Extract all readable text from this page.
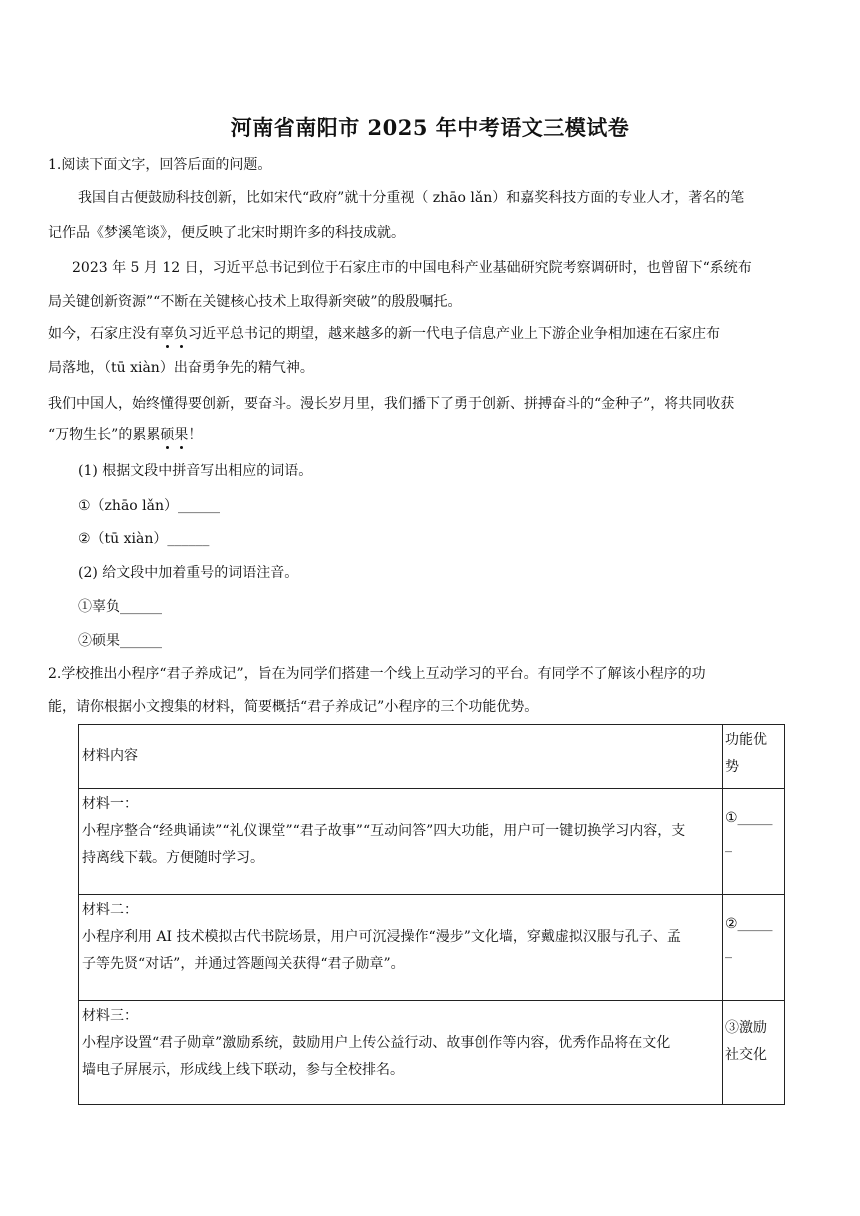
河南省南阳市 2025 年中考语文三模试卷
1.阅读下面文字，回答后面的问题。
我国自古便鼓励科技创新，比如宋代“政府”就十分重视（ zhāo lǎn）和嘉奖科技方面的专业人才，著名的笔
记作品《梦溪笔谈》，便反映了北宋时期许多的科技成就。
2023 年 5 月 12 日，习近平总书记到位于石家庄市的中国电科产业基础研究院考察调研时，也曾留下“系统布
局关键创新资源”“不断在关键核心技术上取得新突破”的殷殷嘱托。
如今，石家庄没有辜负习近平总书记的期望，越来越多的新一代电子信息产业上下游企业争相加速在石家庄布
局落地，（tū xiàn）出奋勇争先的精气神。
我们中国人，始终懂得要创新，要奋斗。漫长岁月里，我们播下了勇于创新、拼搏奋斗的“金种子”，将共同收获
“万物生长”的累累硕果！
(1) 根据文段中拼音写出相应的词语。
①（zhāo lǎn）______
②（tū xiàn）______
(2) 给文段中加着重号的词语注音。
①辜负______
②硕果______
2.学校推出小程序“君子养成记”，旨在为同学们搭建一个线上互动学习的平台。有同学不了解该小程序的功
能，请你根据小文搜集的材料，简要概括“君子养成记”小程序的三个功能优势。
材料内容	功能优
势

材料一：
小程序整合“经典诵读”“礼仪课堂”“君子故事”“互动问答”四大功能，用户可一键切换学习内容，支
持离线下载。方便随时学习。	①_____
_

材料二：
小程序利用 AI 技术模拟古代书院场景，用户可沉浸操作“漫步”文化墙，穿戴虚拟汉服与孔子、孟
子等先贤“对话”，并通过答题闯关获得“君子勋章”。	②_____
_

材料三：
小程序设置“君子勋章”激励系统，鼓励用户上传公益行动、故事创作等内容，优秀作品将在文化
墙电子屏展示，形成线上线下联动，参与全校排名。	③激励
社交化
